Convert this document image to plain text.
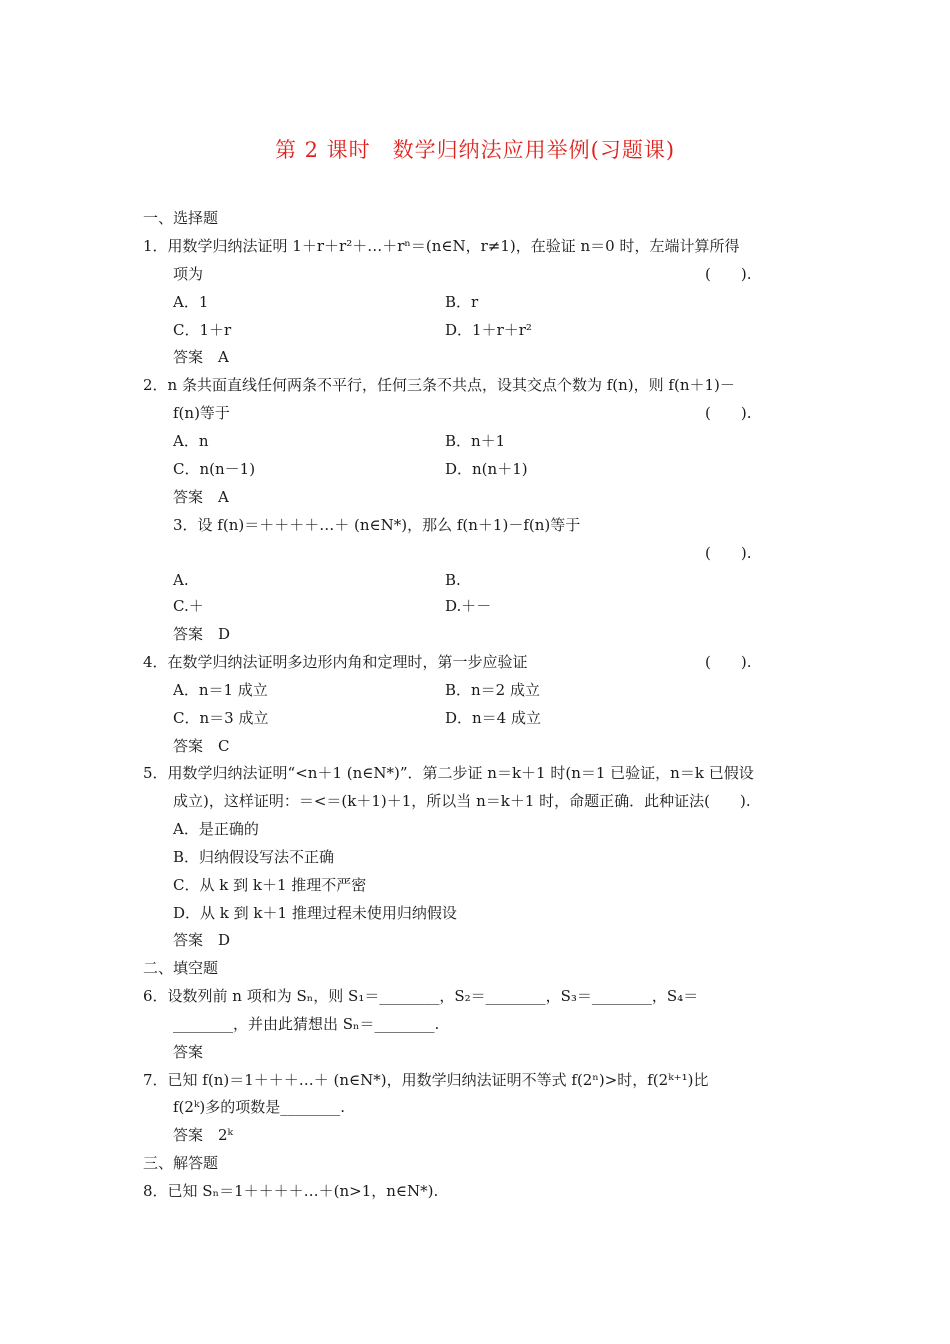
第 2 课时　数学归纳法应用举例(习题课)
一、选择题
1．用数学归纳法证明 1＋r＋r²＋…＋rⁿ＝(n∈N，r≠1)，在验证 n＝0 时，左端计算所得
项为	(　　).
A．1	B．r
C．1＋r	D．1＋r＋r²
答案　A
2．n 条共面直线任何两条不平行，任何三条不共点，设其交点个数为 f(n)，则 f(n＋1)－
f(n)等于	(　　).
A．n	B．n＋1
C．n(n－1)	D．n(n＋1)
答案　A
3．设 f(n)＝＋＋＋＋…＋ (n∈N*)，那么 f(n＋1)－f(n)等于
(　　).
A.	B.
C.＋	D.＋－
答案　D
4．在数学归纳法证明多边形内角和定理时，第一步应验证	(　　).
A．n＝1 成立	B．n＝2 成立
C．n＝3 成立	D．n＝4 成立
答案　C
5．用数学归纳法证明“<n＋1 (n∈N*)”．第二步证 n＝k＋1 时(n＝1 已验证，n＝k 已假设
成立)，这样证明：＝<＝(k＋1)＋1，所以当 n＝k＋1 时，命题正确．此种证法(　　).
A．是正确的
B．归纳假设写法不正确
C．从 k 到 k＋1 推理不严密
D．从 k 到 k＋1 推理过程未使用归纳假设
答案　D
二、填空题
6．设数列前 n 项和为 Sₙ，则 S₁＝________，S₂＝________，S₃＝________，S₄＝
________，并由此猜想出 Sₙ＝________.
答案
7．已知 f(n)＝1＋＋＋…＋ (n∈N*)，用数学归纳法证明不等式 f(2ⁿ)>时，f(2ᵏ⁺¹)比
f(2ᵏ)多的项数是________.
答案　2ᵏ
三、解答题
8．已知 Sₙ＝1＋＋＋＋…＋(n>1，n∈N*).
